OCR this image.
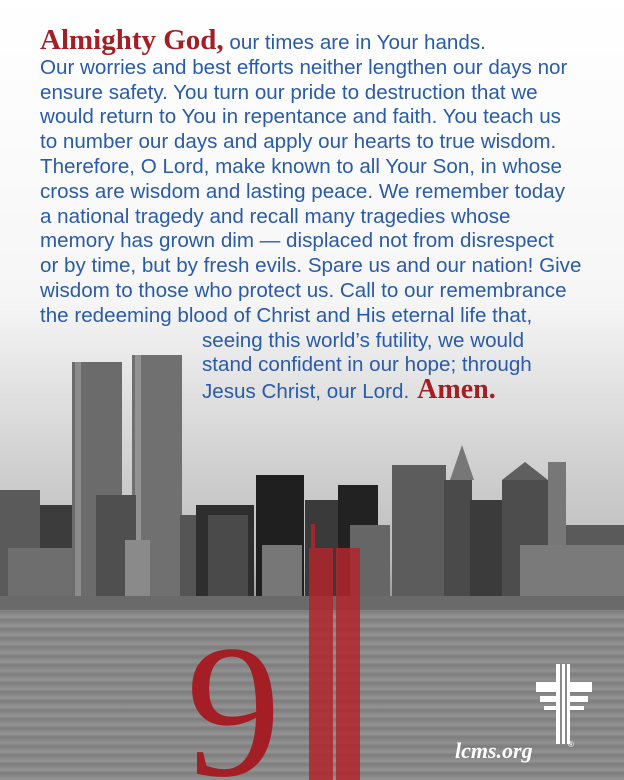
9

Almighty God, our times are in Your hands.
Our worries and best efforts neither lengthen our days nor
ensure safety. You turn our pride to destruction that we
would return to You in repentance and faith. You teach us
to number our days and apply our hearts to true wisdom.
Therefore, O Lord, make known to all Your Son, in whose
cross are wisdom and lasting peace. We remember today
a national tragedy and recall many tragedies whose
memory has grown dim — displaced not from disrespect
or by time, but by fresh evils. Spare us and our nation! Give
wisdom to those who protect us. Call to our remembrance
the redeeming blood of Christ and His eternal life that,

seeing this world’s futility, we would
stand confident in our hope; through
Jesus Christ, our Lord. Amen.

lcms.org	®
